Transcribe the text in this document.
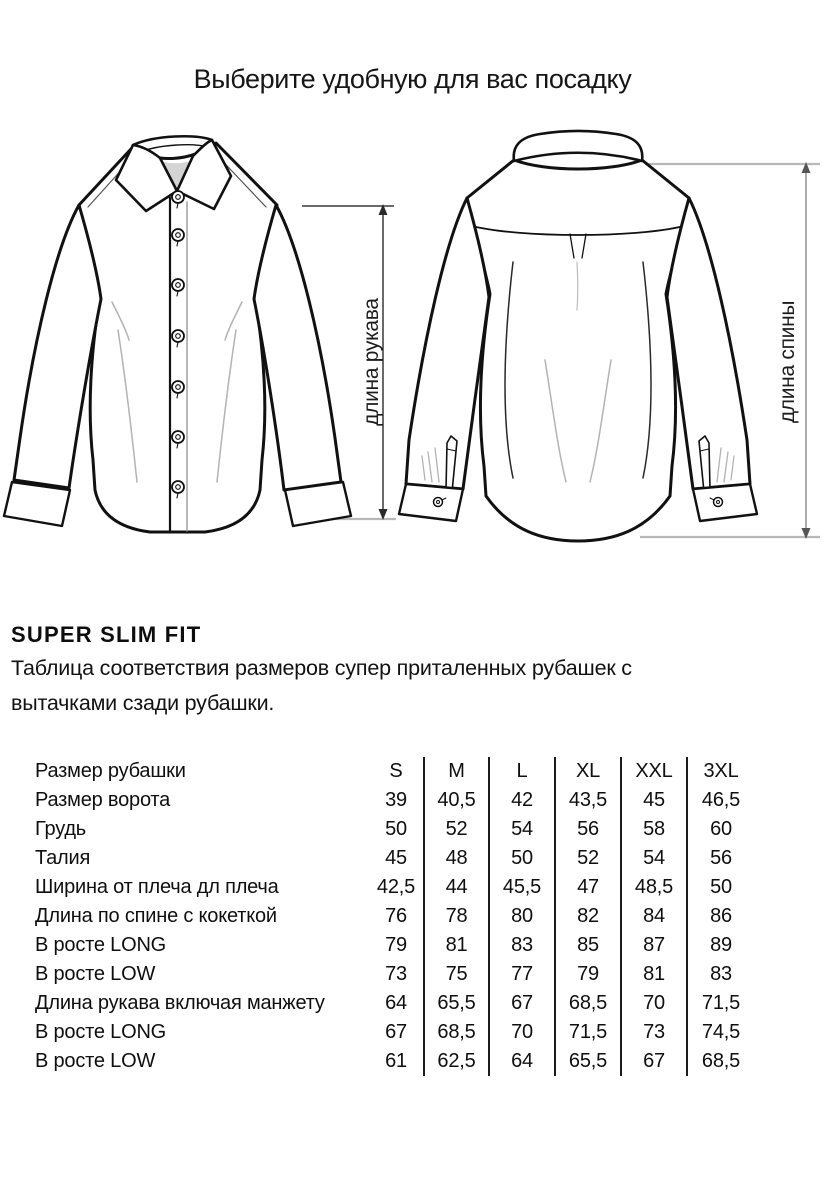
Выберите удобную для вас посадку
длина рукава	длина спины
SUPER SLIM FIT

Таблица соответствия размеров супер приталенных рубашек с вытачками сзади рубашки.

Размер рубашки	S	M	L	XL	XXL	3XL
Размер ворота	39	40,5	42	43,5	45	46,5
Грудь	50	52	54	56	58	60
Талия	45	48	50	52	54	56
Ширина от плеча дл плеча	42,5	44	45,5	47	48,5	50
Длина по спине с кокеткой	76	78	80	82	84	86
В росте LONG	79	81	83	85	87	89
В росте LOW	73	75	77	79	81	83
Длина рукава включая манжету	64	65,5	67	68,5	70	71,5
В росте LONG	67	68,5	70	71,5	73	74,5
В росте LOW	61	62,5	64	65,5	67	68,5
